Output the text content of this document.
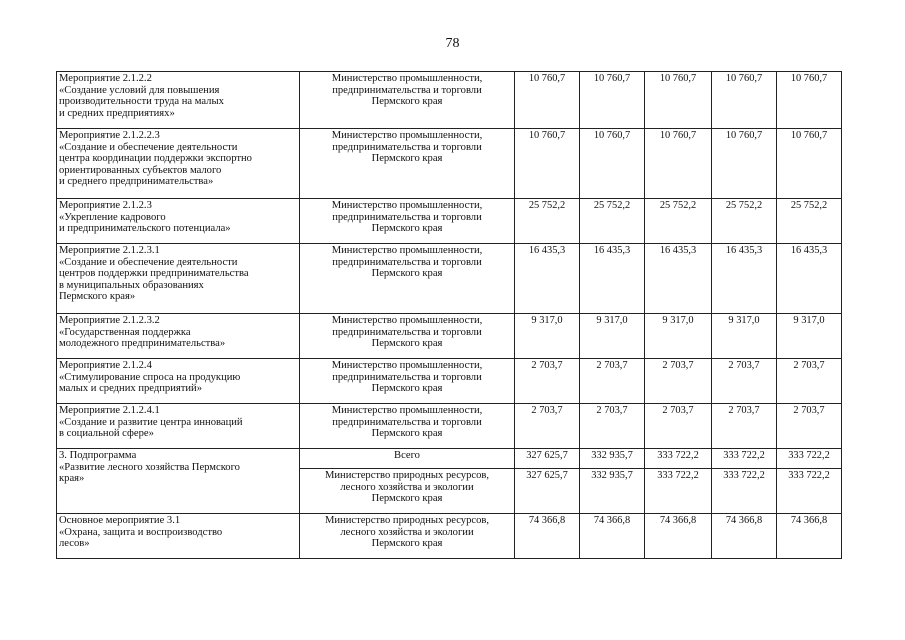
78
Мероприятие 2.1.2.2
«Создание условий для повышения
производительности труда на малых
и средних предприятиях»	Министерство промышленности,
предпринимательства и торговли
Пермского края	10 760,7	10 760,7	10 760,7	10 760,7	10 760,7

Мероприятие 2.1.2.2.3
«Создание и обеспечение деятельности
центра координации поддержки экспортно
ориентированных субъектов малого
и среднего предпринимательства»	Министерство промышленности,
предпринимательства и торговли
Пермского края	10 760,7	10 760,7	10 760,7	10 760,7	10 760,7

Мероприятие 2.1.2.3
«Укрепление кадрового
и предпринимательского потенциала»	Министерство промышленности,
предпринимательства и торговли
Пермского края	25 752,2	25 752,2	25 752,2	25 752,2	25 752,2

Мероприятие 2.1.2.3.1
«Создание и обеспечение деятельности
центров поддержки предпринимательства
в муниципальных образованиях
Пермского края»	Министерство промышленности,
предпринимательства и торговли
Пермского края	16 435,3	16 435,3	16 435,3	16 435,3	16 435,3

Мероприятие 2.1.2.3.2
«Государственная поддержка
молодежного предпринимательства»	Министерство промышленности,
предпринимательства и торговли
Пермского края	9 317,0	9 317,0	9 317,0	9 317,0	9 317,0

Мероприятие 2.1.2.4
«Стимулирование спроса на продукцию
малых и средних предприятий»	Министерство промышленности,
предпринимательства и торговли
Пермского края	2 703,7	2 703,7	2 703,7	2 703,7	2 703,7

Мероприятие 2.1.2.4.1
«Создание и развитие центра инноваций
в социальной сфере»	Министерство промышленности,
предпринимательства и торговли
Пермского края	2 703,7	2 703,7	2 703,7	2 703,7	2 703,7

3. Подпрограмма
«Развитие лесного хозяйства Пермского
края»	Всего	327 625,7	332 935,7	333 722,2	333 722,2	333 722,2

	Министерство природных ресурсов,
лесного хозяйства и экологии
Пермского края	327 625,7	332 935,7	333 722,2	333 722,2	333 722,2

Основное мероприятие 3.1
«Охрана, защита и воспроизводство
лесов»	Министерство природных ресурсов,
лесного хозяйства и экологии
Пермского края	74 366,8	74 366,8	74 366,8	74 366,8	74 366,8
